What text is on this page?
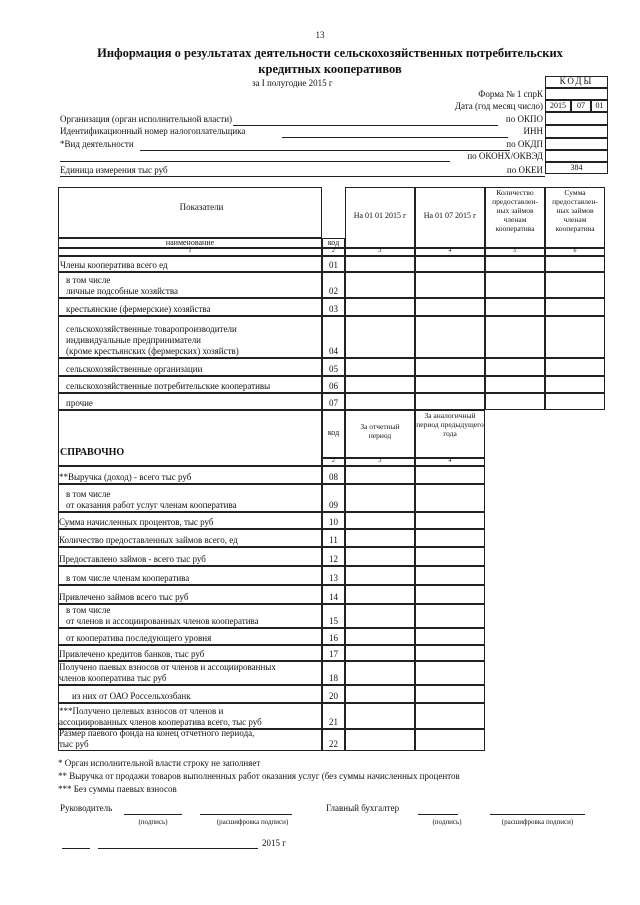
13
Информация о результатах деятельности сельскохозяйственных потребительских
кредитных кооперативов
за I полугодие 2015 г	КОДЫ
2015	07	01
384
Форма № 1 спрК
Дата (год месяц число)
Организация (орган исполнительной власти)	по ОКПО
Идентификационный номер налогоплательщика	ИНН
*Вид деятельности	по ОКДП
по ОКОНХ/ОКВЭД
Единица измерения тыс руб	по ОКЕИ
Показатели
наименование	код
На 01 01 2015 г	На 01 07 2015 г
Количество предоставлен-ных займов членам кооператива
Сумма предоставлен-ных займов членам кооператива
1	2	3	4	5	6
Члены кооператива всего ед	01
в том числе
личные подсобные хозяйства	02
крестьянские (фермерские) хозяйства	03
сельскохозяйственные товаропроизводители
индивидуальные предприниматели
(кроме крестьянских (фермерских) хозяйств)	04
сельскохозяйственные организации	05
сельскохозяйственные потребительские кооперативы	06
прочие	07
код
За отчетный период
За аналогичный период предыдущего года
СПРАВОЧНО
2	3	4
**Выручка (доход) - всего тыс руб	08
в том числе
от оказания работ услуг членам кооператива	09
Сумма начисленных процентов, тыс руб	10
Количество предоставленных займов всего, ед	11
Предоставлено займов - всего тыс руб	12
в том числе членам кооператива	13
Привлечено займов всего тыс руб	14
в том числе
от членов и ассоциированных членов кооператива	15
от кооператива последующего уровня	16
Привлечено кредитов банков, тыс руб	17
Получено паевых взносов от членов и ассоциированных
членов кооператива тыс руб	18
из них от ОАО Россельхозбанк	20
***Получено целевых взносов от членов и
ассоциированных членов кооператива всего, тыс руб	21
Размер паевого фонда на конец отчетного периода,
тыс руб	22
* Орган исполнительной власти строку не заполняет
** Выручка от продажи товаров выполненных работ оказания услуг (без суммы начисленных процентов
*** Без суммы паевых взносов
Руководитель
(подпись)	(расшифровка подписи)
Главный бухгалтер
(подпись)	(расшифровка подписи)
2015 г
